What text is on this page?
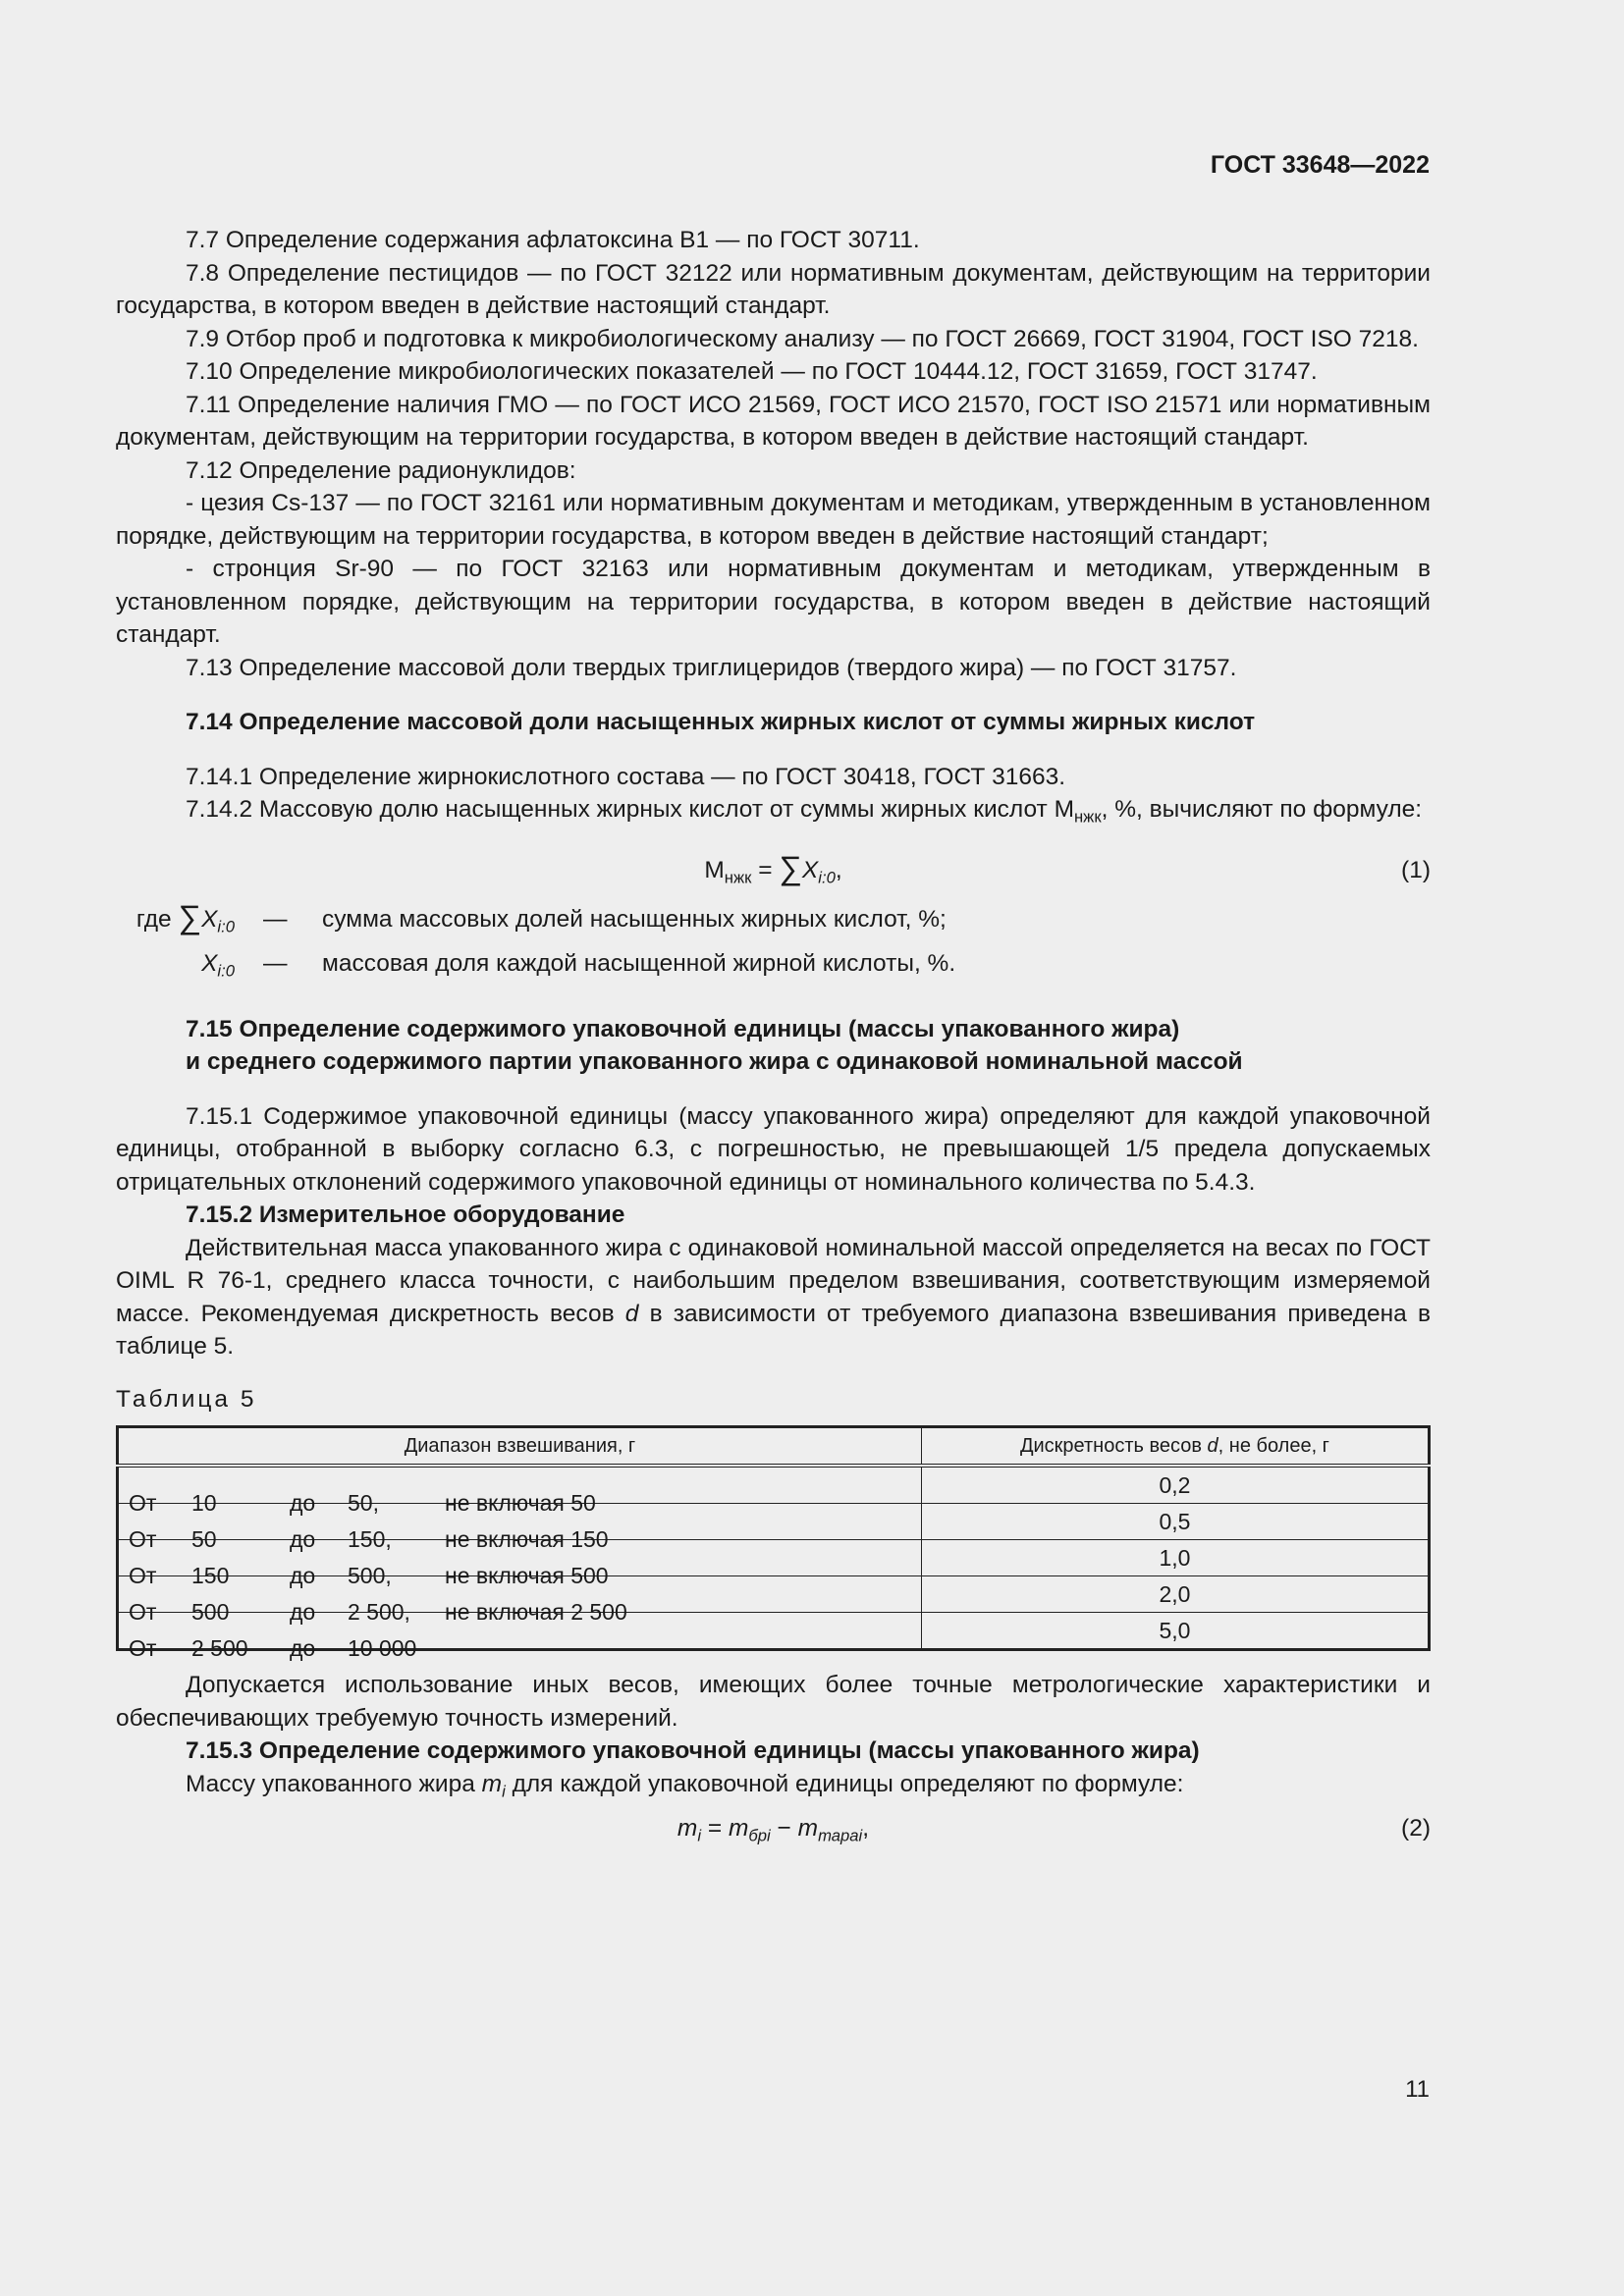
ГОСТ 33648—2022

7.7 Определение содержания афлатоксина B1 — по ГОСТ 30711.

7.8 Определение пестицидов — по ГОСТ 32122 или нормативным документам, действующим на территории государства, в котором введен в действие настоящий стандарт.

7.9 Отбор проб и подготовка к микробиологическому анализу — по ГОСТ 26669, ГОСТ 31904, ГОСТ ISO 7218.

7.10 Определение микробиологических показателей — по ГОСТ 10444.12, ГОСТ 31659, ГОСТ 31747.

7.11 Определение наличия ГМО — по ГОСТ ИСО 21569, ГОСТ ИСО 21570, ГОСТ ISO 21571 или нормативным документам, действующим на территории государства, в котором введен в действие настоящий стандарт.

7.12 Определение радионуклидов:

- цезия Cs-137 — по ГОСТ 32161 или нормативным документам и методикам, утвержденным в установленном порядке, действующим на территории государства, в котором введен в действие настоящий стандарт;

- стронция Sr-90 — по ГОСТ 32163 или нормативным документам и методикам, утвержденным в установленном порядке, действующим на территории государства, в котором введен в действие настоящий стандарт.

7.13 Определение массовой доли твердых триглицеридов (твердого жира) — по ГОСТ 31757.

7.14 Определение массовой доли насыщенных жирных кислот от суммы жирных кислот

7.14.1 Определение жирнокислотного состава — по ГОСТ 30418, ГОСТ 31663.

7.14.2 Массовую долю насыщенных жирных кислот от суммы жирных кислот $М_{нжк}$, %, вычисляют по формуле:

$М_{нжк} = \sum X_{i:0}$,	(1)
где $\sum X_{i:0}$ — сумма массовых долей насыщенных жирных кислот, %;
$X_{i:0}$ — массовая доля каждой насыщенной жирной кислоты, %.

7.15 Определение содержимого упаковочной единицы (массы упакованного жира)

и среднего содержимого партии упакованного жира с одинаковой номинальной массой

7.15.1 Содержимое упаковочной единицы (массу упакованного жира) определяют для каждой упаковочной единицы, отобранной в выборку согласно 6.3, с погрешностью, не превышающей 1/5 предела допускаемых отрицательных отклонений содержимого упаковочной единицы от номинального количества по 5.4.3.

7.15.2 Измерительное оборудование

Действительная масса упакованного жира с одинаковой номинальной массой определяется на весах по ГОСТ OIML R 76-1, среднего класса точности, с наибольшим пределом взвешивания, соответствующим измеряемой массе. Рекомендуемая дискретность весов d в зависимости от требуемого диапазона взвешивания приведена в таблице 5.

Таблица 5
Диапазон взвешивания, г	Дискретность весов d, не более, г

От 10 до 50, не включая 50	0,2

От 50 до 150, не включая 150	0,5

От 150 до 500, не включая 500	1,0

От 500 до 2 500, не включая 2 500	2,0

От 2 500 до 10 000	5,0

Допускается использование иных весов, имеющих более точные метрологические характеристики и обеспечивающих требуемую точность измерений.

7.15.3 Определение содержимого упаковочной единицы (массы упакованного жира)

Массу упакованного жира $m_i$ для каждой упаковочной единицы определяют по формуле:

$m_i = m_{брi} - m_{тараi}$,	(2)
11
